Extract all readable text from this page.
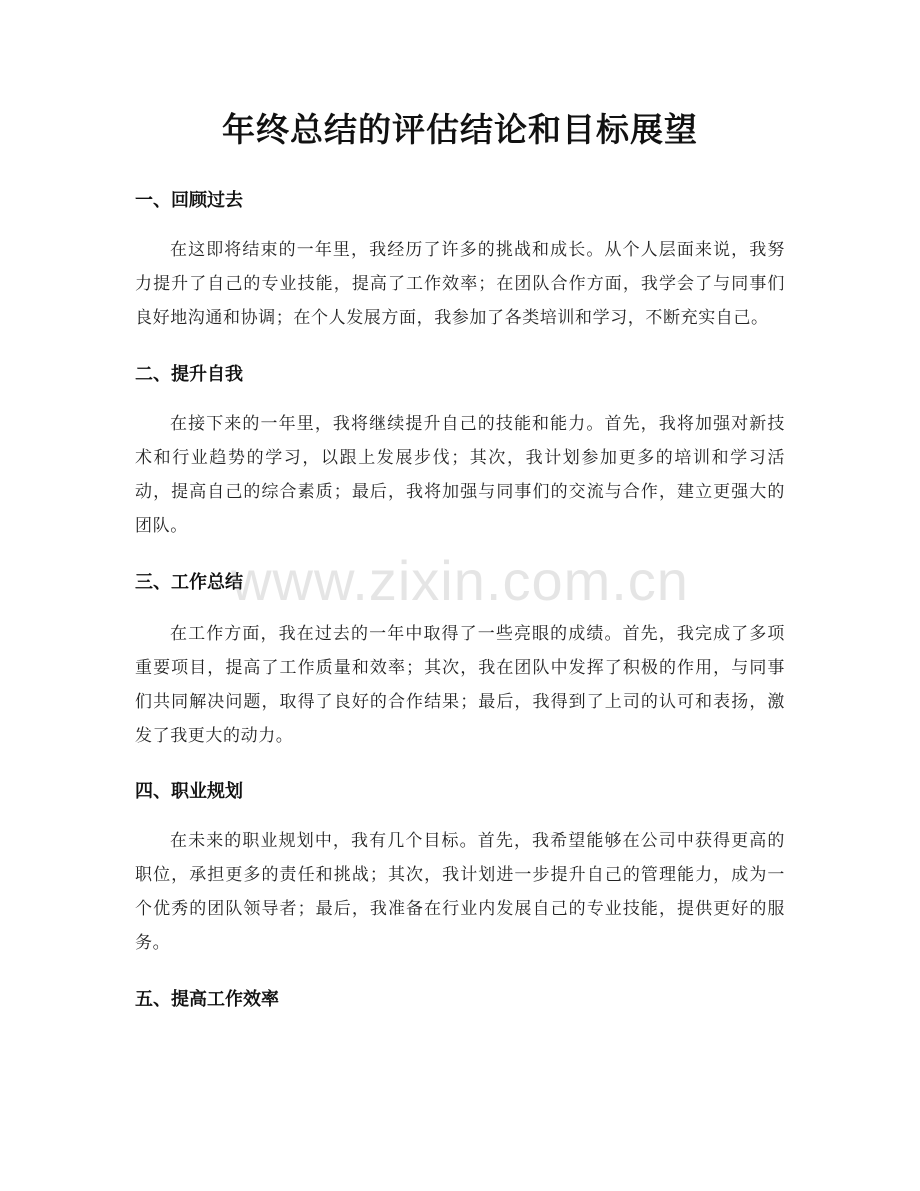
年终总结的评估结论和目标展望
一、回顾过去
在这即将结束的一年里，我经历了许多的挑战和成长。从个人层面来说，我努力提升了自己的专业技能，提高了工作效率；在团队合作方面，我学会了与同事们良好地沟通和协调；在个人发展方面，我参加了各类培训和学习，不断充实自己。
二、提升自我
在接下来的一年里，我将继续提升自己的技能和能力。首先，我将加强对新技术和行业趋势的学习，以跟上发展步伐；其次，我计划参加更多的培训和学习活动，提高自己的综合素质；最后，我将加强与同事们的交流与合作，建立更强大的团队。
三、工作总结
在工作方面，我在过去的一年中取得了一些亮眼的成绩。首先，我完成了多项重要项目，提高了工作质量和效率；其次，我在团队中发挥了积极的作用，与同事们共同解决问题，取得了良好的合作结果；最后，我得到了上司的认可和表扬，激发了我更大的动力。
四、职业规划
在未来的职业规划中，我有几个目标。首先，我希望能够在公司中获得更高的职位，承担更多的责任和挑战；其次，我计划进一步提升自己的管理能力，成为一个优秀的团队领导者；最后，我准备在行业内发展自己的专业技能，提供更好的服务。
五、提高工作效率
www.zixin.com.cn
